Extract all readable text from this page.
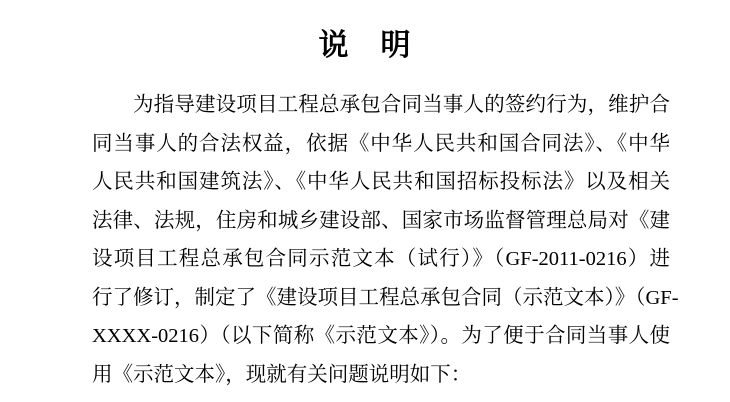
说　明
为指导建设项目工程总承包合同当事人的签约行为，维护合
同当事人的合法权益，依据《中华人民共和国合同法》、《中华
人民共和国建筑法》、《中华人民共和国招标投标法》以及相关
法律、法规，住房和城乡建设部、国家市场监督管理总局对《建
设项目工程总承包合同示范文本（试行）》（GF-2011-0216）进
行了修订，制定了《建设项目工程总承包合同（示范文本）》（GF-
XXXX-0216）（以下简称《示范文本》）。为了便于合同当事人使
用《示范文本》，现就有关问题说明如下：
